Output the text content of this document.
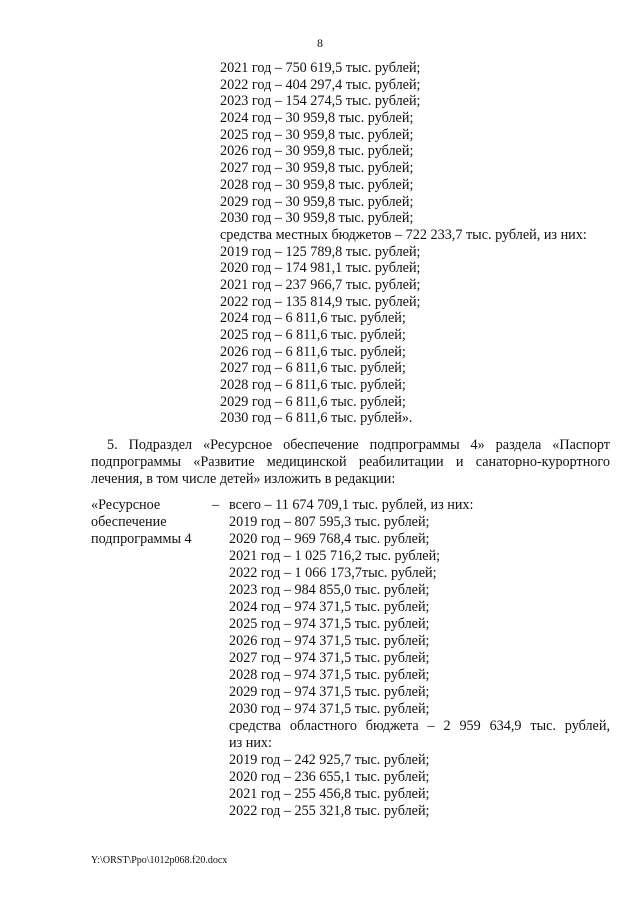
8
2021 год – 750 619,5 тыс. рублей;
2022 год – 404 297,4 тыс. рублей;
2023 год – 154 274,5 тыс. рублей;
2024 год – 30 959,8 тыс. рублей;
2025 год – 30 959,8 тыс. рублей;
2026 год – 30 959,8 тыс. рублей;
2027 год – 30 959,8 тыс. рублей;
2028 год – 30 959,8 тыс. рублей;
2029 год – 30 959,8 тыс. рублей;
2030 год – 30 959,8 тыс. рублей;
средства местных бюджетов – 722 233,7 тыс. рублей, из них:
2019 год – 125 789,8 тыс. рублей;
2020 год – 174 981,1 тыс. рублей;
2021 год – 237 966,7 тыс. рублей;
2022 год – 135 814,9 тыс. рублей;
2024 год – 6 811,6 тыс. рублей;
2025 год – 6 811,6 тыс. рублей;
2026 год – 6 811,6 тыс. рублей;
2027 год – 6 811,6 тыс. рублей;
2028 год – 6 811,6 тыс. рублей;
2029 год – 6 811,6 тыс. рублей;
2030 год – 6 811,6 тыс. рублей».
5. Подраздел «Ресурсное обеспечение подпрограммы 4» раздела «Паспорт
подпрограммы «Развитие медицинской реабилитации и санаторно-курортного
лечения, в том числе детей» изложить в редакции:
«Ресурсное
обеспечение
подпрограммы 4
– всего – 11 674 709,1 тыс. рублей, из них:
2019 год – 807 595,3 тыс. рублей;
2020 год – 969 768,4 тыс. рублей;
2021 год – 1 025 716,2 тыс. рублей;
2022 год – 1 066 173,7тыс. рублей;
2023 год – 984 855,0 тыс. рублей;
2024 год – 974 371,5 тыс. рублей;
2025 год – 974 371,5 тыс. рублей;
2026 год – 974 371,5 тыс. рублей;
2027 год – 974 371,5 тыс. рублей;
2028 год – 974 371,5 тыс. рублей;
2029 год – 974 371,5 тыс. рублей;
2030 год – 974 371,5 тыс. рублей;
средства областного бюджета – 2 959 634,9 тыс. рублей,
из них:
2019 год – 242 925,7 тыс. рублей;
2020 год – 236 655,1 тыс. рублей;
2021 год – 255 456,8 тыс. рублей;
2022 год – 255 321,8 тыс. рублей;
Y:\ORST\Ppo\1012p068.f20.docx
